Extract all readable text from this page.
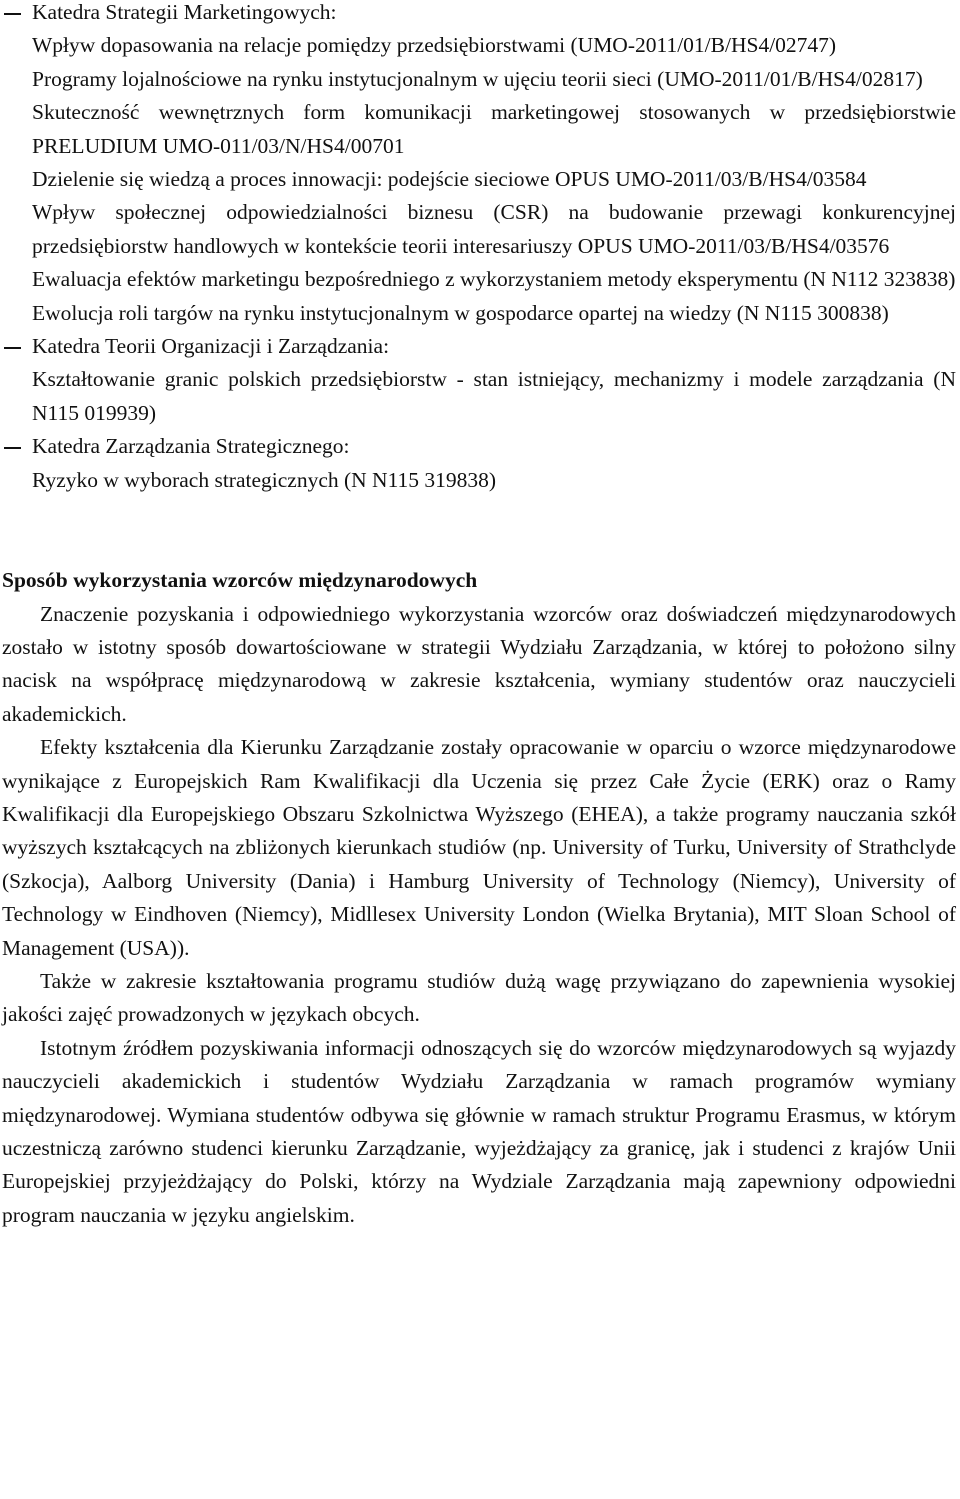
Katedra Strategii Marketingowych:
Wpływ dopasowania na relacje pomiędzy przedsiębiorstwami (UMO-2011/01/B/HS4/02747)
Programy lojalnościowe na rynku instytucjonalnym w ujęciu teorii sieci (UMO-2011/01/B/HS4/02817)
Skuteczność wewnętrznych form komunikacji marketingowej stosowanych w przedsiębiorstwie PRELUDIUM UMO-011/03/N/HS4/00701
Dzielenie się wiedzą a proces innowacji: podejście sieciowe OPUS UMO-2011/03/B/HS4/03584
Wpływ społecznej odpowiedzialności biznesu (CSR) na budowanie przewagi konkurencyjnej przedsiębiorstw handlowych w kontekście teorii interesariuszy OPUS UMO-2011/03/B/HS4/03576
Ewaluacja efektów marketingu bezpośredniego z wykorzystaniem metody eksperymentu (N N112 323838)
Ewolucja roli targów na rynku instytucjonalnym w gospodarce opartej na wiedzy (N N115 300838)
Katedra Teorii Organizacji i Zarządzania:
Kształtowanie granic polskich przedsiębiorstw - stan istniejący, mechanizmy i modele zarządzania (N N115 019939)
Katedra Zarządzania Strategicznego:
Ryzyko w wyborach strategicznych (N N115 319838)
Sposób wykorzystania wzorców międzynarodowych

Znaczenie pozyskania i odpowiedniego wykorzystania wzorców oraz doświadczeń międzynarodowych zostało w istotny sposób dowartościowane w strategii Wydziału Zarządzania, w której to położono silny nacisk na współpracę międzynarodową w zakresie kształcenia, wymiany studentów oraz nauczycieli akademickich.

Efekty kształcenia dla Kierunku Zarządzanie zostały opracowanie w oparciu o wzorce międzynarodowe wynikające z Europejskich Ram Kwalifikacji dla Uczenia się przez Całe Życie (ERK) oraz o Ramy Kwalifikacji dla Europejskiego Obszaru Szkolnictwa Wyższego (EHEA), a także programy nauczania szkół wyższych kształcących na zbliżonych kierunkach studiów (np. University of Turku, University of Strathclyde (Szkocja), Aalborg University (Dania) i Hamburg University of Technology (Niemcy), University of Technology w Eindhoven (Niemcy), Midllesex University London (Wielka Brytania), MIT Sloan School of Management (USA)).

Także w zakresie kształtowania programu studiów dużą wagę przywiązano do zapewnienia wysokiej jakości zajęć prowadzonych w językach obcych.

Istotnym źródłem pozyskiwania informacji odnoszących się do wzorców międzynarodowych są wyjazdy nauczycieli akademickich i studentów Wydziału Zarządzania w ramach programów wymiany międzynarodowej. Wymiana studentów odbywa się głównie w ramach struktur Programu Erasmus, w którym uczestniczą zarówno studenci kierunku Zarządzanie, wyjeżdżający za granicę, jak i studenci z krajów Unii Europejskiej przyjeżdżający do Polski, którzy na Wydziale Zarządzania mają zapewniony odpowiedni program nauczania w języku angielskim.
